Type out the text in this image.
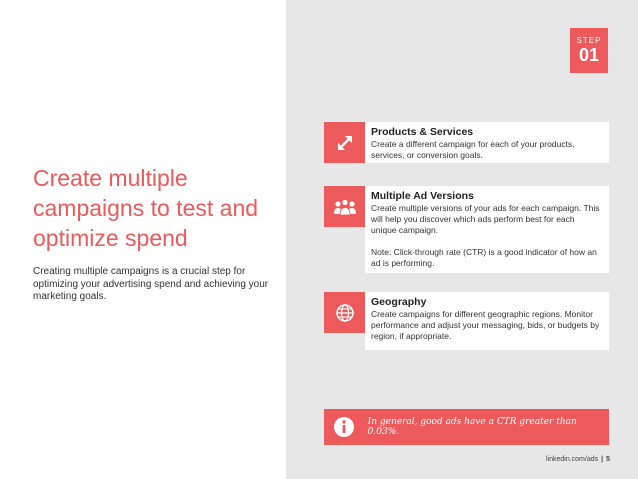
STEP
01
Create multiple campaigns to test and optimize spend

Creating multiple campaigns is a crucial step for optimizing your advertising spend and achieving your marketing goals.

Products & Services
Create a different campaign for each of your products, services, or conversion goals.
Multiple Ad Versions
Create multiple versions of your ads for each campaign. This will help you discover which ads perform best for each unique campaign.
Note: Click-through rate (CTR) is a good indicator of how an ad is performing.
Geography
Create campaigns for different geographic regions. Monitor performance and adjust your messaging, bids, or budgets by region, if appropriate.
In general, good ads have a CTR greater than 0.03%.
linkedin.com/ads | 5
